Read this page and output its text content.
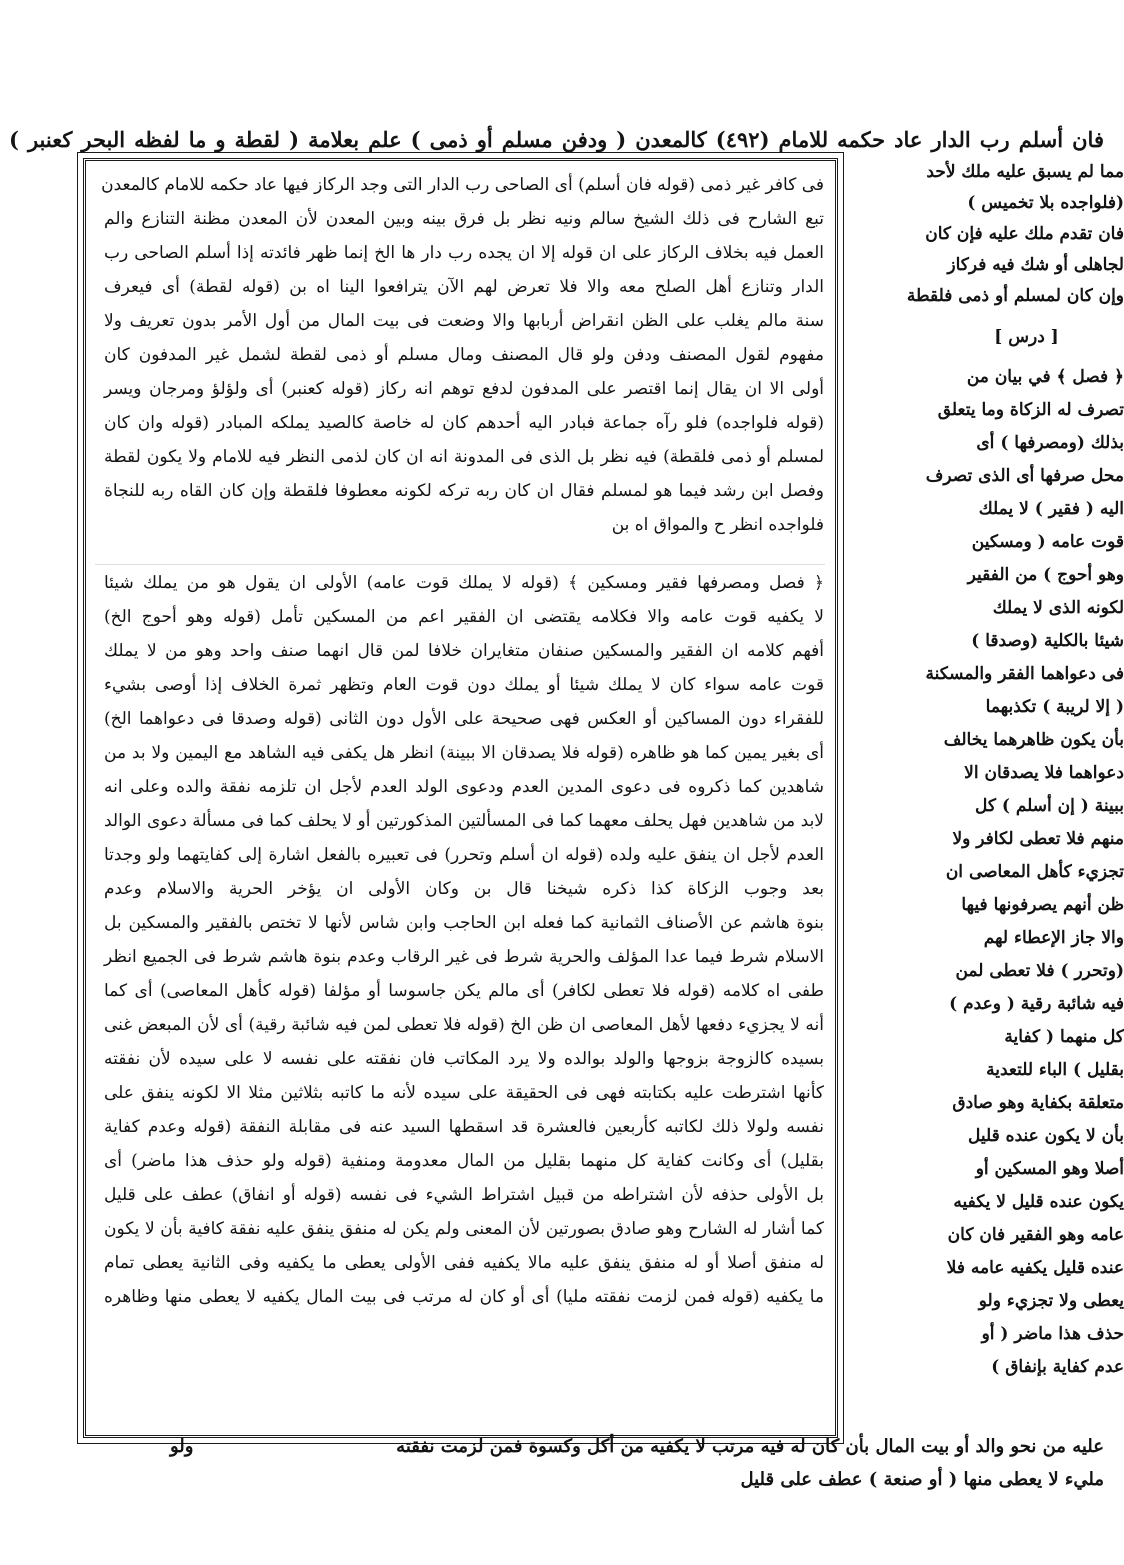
فان أسلم رب الدار عاد حكمه للامام (٤٩٢) كالمعدن ( ودفن مسلم أو ذمى ) علم بعلامة ( لقطة و ما لفظه البحر كعنبر )
مما لم يسبق عليه ملك لأحد
(فلواجده بلا تخميس )
فان تقدم ملك عليه فإن كان
لجاهلى أو شك فيه فركاز
وإن كان لمسلم أو ذمى فلقطة
[ درس ]
﴿ فصل ﴾ في بيان من
تصرف له الزكاة وما يتعلق
بذلك (ومصرفها ) أى
محل صرفها أى الذى تصرف
اليه ( فقير ) لا يملك
قوت عامه ( ومسكين
وهو أحوج ) من الفقير
لكونه الذى لا يملك
شيئا بالكلية (وصدقا )
فى دعواهما الفقر والمسكنة
( إلا لريبة ) تكذبهما
بأن يكون ظاهرهما يخالف
دعواهما فلا يصدقان الا
ببينة ( إن أسلم ) كل
منهم فلا تعطى لكافر ولا
تجزيء كأهل المعاصى ان
ظن أنهم يصرفونها فيها
والا جاز الإعطاء لهم
(وتحرر ) فلا تعطى لمن
فيه شائبة رقية ( وعدم )
كل منهما ( كفاية
بقليل ) الباء للتعدية
متعلقة بكفاية وهو صادق
بأن لا يكون عنده قليل
أصلا وهو المسكين أو
يكون عنده قليل لا يكفيه
عامه وهو الفقير فان كان
عنده قليل يكفيه عامه فلا
يعطى ولا تجزيء ولو
حذف هذا ماضر ( أو
عدم كفاية بإنفاق )
فى كافر غير ذمى (قوله فان أسلم) أى الصاحى رب الدار التى وجد الركاز فيها عاد حكمه للامام كالمعدن
تبع الشارح فى ذلك الشيخ سالم ونيه نظر بل فرق بينه وبين المعدن لأن المعدن مظنة التنازع والم
العمل فيه بخلاف الركاز على ان قوله إلا ان يجده رب دار ها الخ إنما ظهر فائدته إذا أسلم الصاحى رب
الدار وتنازع أهل الصلح معه والا فلا تعرض لهم الآن يترافعوا الينا اه بن (قوله لقطة) أى فيعرف
سنة مالم يغلب على الظن انقراض أربابها والا وضعت فى بيت المال من أول الأمر بدون تعريف ولا
مفهوم لقول المصنف ودفن ولو قال المصنف ومال مسلم أو ذمى لقطة لشمل غير المدفون كان
أولى الا ان يقال إنما اقتصر على المدفون لدفع توهم انه ركاز (قوله كعنبر) أى ولؤلؤ ومرجان ويسر
(قوله فلواجده) فلو رآه جماعة فبادر اليه أحدهم كان له خاصة كالصيد يملكه المبادر (قوله وان كان
لمسلم أو ذمى فلقطة) فيه نظر بل الذى فى المدونة انه ان كان لذمى النظر فيه للامام ولا يكون لقطة
وفصل ابن رشد فيما هو لمسلم فقال ان كان ربه تركه لكونه معطوفا فلقطة وإن كان القاه ربه للنجاة
فلواجده انظر ح والمواق اه بن
﴿ فصل ومصرفها فقير ومسكين ﴾ (قوله لا يملك قوت عامه) الأولى ان يقول هو من يملك شيئا
لا يكفيه قوت عامه والا فكلامه يقتضى ان الفقير اعم من المسكين تأمل (قوله وهو أحوج الخ)
أفهم كلامه ان الفقير والمسكين صنفان متغايران خلافا لمن قال انهما صنف واحد وهو من لا يملك
قوت عامه سواء كان لا يملك شيئا أو يملك دون قوت العام وتظهر ثمرة الخلاف إذا أوصى بشيء
للفقراء دون المساكين أو العكس فهى صحيحة على الأول دون الثانى (قوله وصدقا فى دعواهما الخ)
أى بغير يمين كما هو ظاهره (قوله فلا يصدقان الا ببينة) انظر هل يكفى فيه الشاهد مع اليمين ولا بد من
شاهدين كما ذكروه فى دعوى المدين العدم ودعوى الولد العدم لأجل ان تلزمه نفقة والده وعلى انه
لابد من شاهدين فهل يحلف معهما كما فى المسألتين المذكورتين أو لا يحلف كما فى مسألة دعوى الوالد
العدم لأجل ان ينفق عليه ولده (قوله ان أسلم وتحرر) فى تعبيره بالفعل اشارة إلى كفايتهما ولو وجدتا
بعد وجوب الزكاة كذا ذكره شيخنا قال بن وكان الأولى ان يؤخر الحرية والاسلام وعدم
بنوة هاشم عن الأصناف الثمانية كما فعله ابن الحاجب وابن شاس لأنها لا تختص بالفقير والمسكين بل
الاسلام شرط فيما عدا المؤلف والحرية شرط فى غير الرقاب وعدم بنوة هاشم شرط فى الجميع انظر
طفى اه كلامه (قوله فلا تعطى لكافر) أى مالم يكن جاسوسا أو مؤلفا (قوله كأهل المعاصى) أى كما
أنه لا يجزيء دفعها لأهل المعاصى ان ظن الخ (قوله فلا تعطى لمن فيه شائبة رقية) أى لأن المبعض غنى
بسيده كالزوجة بزوجها والولد بوالده ولا يرد المكاتب فان نفقته على نفسه لا على سيده لأن نفقته
كأنها اشترطت عليه بكتابته فهى فى الحقيقة على سيده لأنه ما كاتبه بثلاثين مثلا الا لكونه ينفق على
نفسه ولولا ذلك لكاتبه كأربعين فالعشرة قد اسقطها السيد عنه فى مقابلة النفقة (قوله وعدم كفاية
بقليل) أى وكانت كفاية كل منهما بقليل من المال معدومة ومنفية (قوله ولو حذف هذا ماضر) أى
بل الأولى حذفه لأن اشتراطه من قبيل اشتراط الشيء فى نفسه (قوله أو انفاق) عطف على قليل
كما أشار له الشارح وهو صادق بصورتين لأن المعنى ولم يكن له منفق ينفق عليه نفقة كافية بأن لا يكون
له منفق أصلا أو له منفق ينفق عليه مالا يكفيه ففى الأولى يعطى ما يكفيه وفى الثانية يعطى تمام
ما يكفيه (قوله فمن لزمت نفقته مليا) أى أو كان له مرتب فى بيت المال يكفيه لا يعطى منها وظاهره
عليه من نحو والد أو بيت المال بأن كان له فيه مرتب لا يكفيه من أكل وكسوة فمن لزمت نفقته
ولو
مليء لا يعطى منها ( أو صنعة ) عطف على قليل
